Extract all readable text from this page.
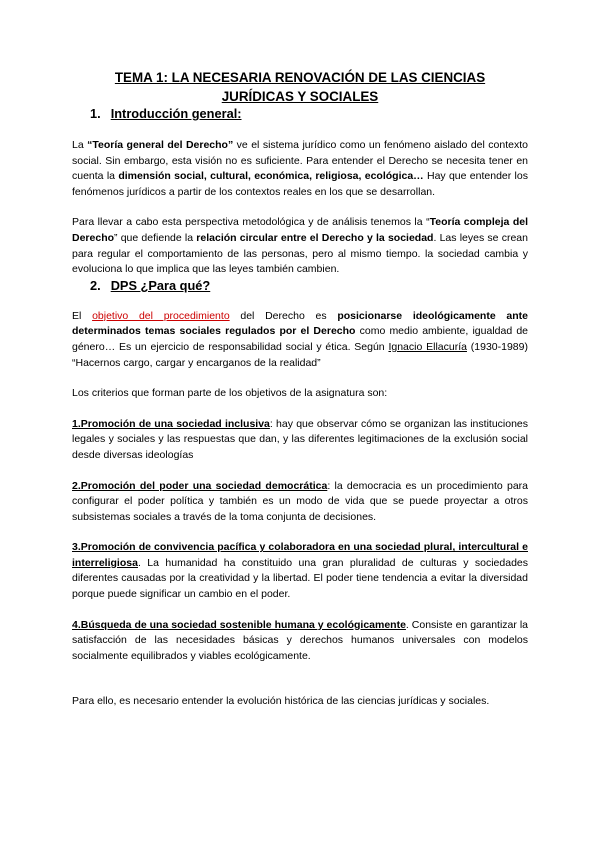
TEMA 1: LA NECESARIA RENOVACIÓN DE LAS CIENCIAS
JURÍDICAS Y SOCIALES
1. Introducción general:

La “Teoría general del Derecho” ve el sistema jurídico como un fenómeno aislado del contexto social. Sin embargo, esta visión no es suficiente. Para entender el Derecho se necesita tener en cuenta la dimensión social, cultural, económica, religiosa, ecológica… Hay que entender los fenómenos jurídicos a partir de los contextos reales en los que se desarrollan.

Para llevar a cabo esta perspectiva metodológica y de análisis tenemos la “Teoría compleja del Derecho” que defiende la relación circular entre el Derecho y la sociedad. Las leyes se crean para regular el comportamiento de las personas, pero al mismo tiempo. la sociedad cambia y evoluciona lo que implica que las leyes también cambien.

2. DPS ¿Para qué?

El objetivo del procedimiento del Derecho es posicionarse ideológicamente ante determinados temas sociales regulados por el Derecho como medio ambiente, igualdad de género… Es un ejercicio de responsabilidad social y ética. Según Ignacio Ellacuría (1930-1989) “Hacernos cargo, cargar y encarganos de la realidad”

Los criterios que forman parte de los objetivos de la asignatura son:

1.Promoción de una sociedad inclusiva: hay que observar cómo se organizan las instituciones legales y sociales y las respuestas que dan, y las diferentes legitimaciones de la exclusión social desde diversas ideologías

2.Promoción del poder una sociedad democrática: la democracia es un procedimiento para configurar el poder política y también es un modo de vida que se puede proyectar a otros subsistemas sociales a través de la toma conjunta de decisiones.

3.Promoción de convivencia pacífica y colaboradora en una sociedad plural, intercultural e interreligiosa. La humanidad ha constituido una gran pluralidad de culturas y sociedades diferentes causadas por la creatividad y la libertad. El poder tiene tendencia a evitar la diversidad porque puede significar un cambio en el poder.

4.Búsqueda de una sociedad sostenible humana y ecológicamente. Consiste en garantizar la satisfacción de las necesidades básicas y derechos humanos universales con modelos socialmente equilibrados y viables ecológicamente.

Para ello, es necesario entender la evolución histórica de las ciencias jurídicas y sociales.
